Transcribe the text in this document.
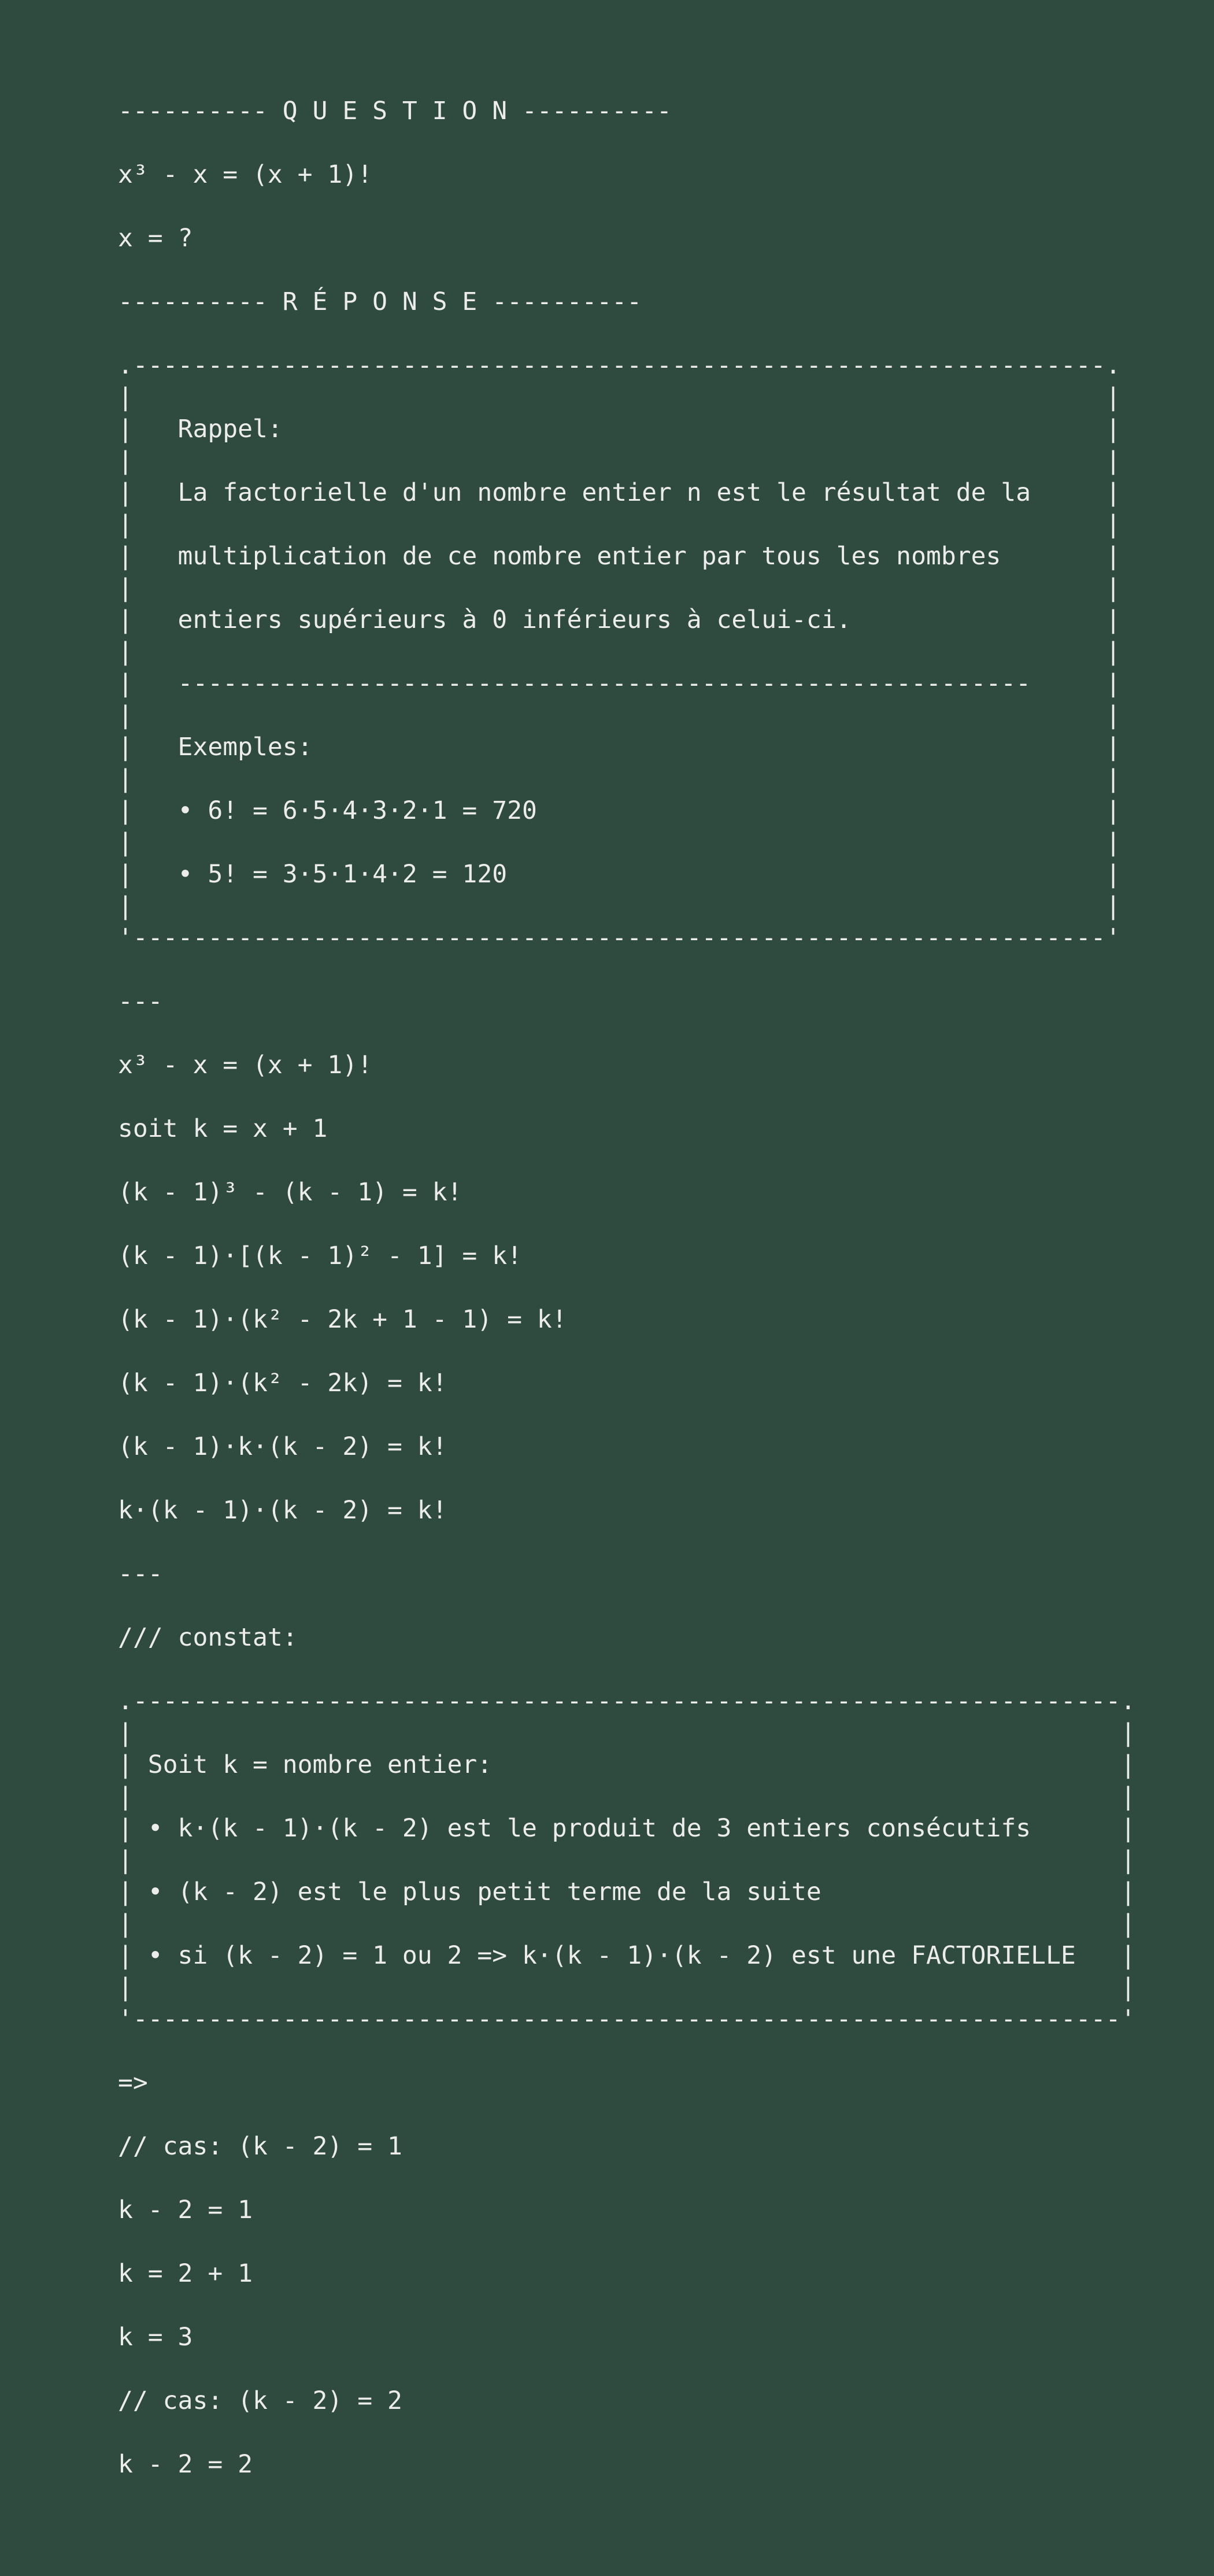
---------- Q U E S T I O N ----------
x³ - x = (x + 1)!
x = ?
---------- R É P O N S E ----------
.-----------------------------------------------------------------.
|                                                                 |
|   Rappel:                                                       |
|                                                                 |
|   La factorielle d'un nombre entier n est le résultat de la     |
|                                                                 |
|   multiplication de ce nombre entier par tous les nombres       |
|                                                                 |
|   entiers supérieurs à 0 inférieurs à celui-ci.                 |
|                                                                 |
|   ---------------------------------------------------------     |
|                                                                 |
|   Exemples:                                                     |
|                                                                 |
|   • 6! = 6·5·4·3·2·1 = 720                                      |
|                                                                 |
|   • 5! = 3·5·1·4·2 = 120                                        |
|                                                                 |
'-----------------------------------------------------------------'
---
x³ - x = (x + 1)!
soit k = x + 1
(k - 1)³ - (k - 1) = k!
(k - 1)·[(k - 1)² - 1] = k!
(k - 1)·(k² - 2k + 1 - 1) = k!
(k - 1)·(k² - 2k) = k!
(k - 1)·k·(k - 2) = k!
k·(k - 1)·(k - 2) = k!
---
/// constat:
.------------------------------------------------------------------.
|                                                                  |
| Soit k = nombre entier:                                          |
|                                                                  |
| • k·(k - 1)·(k - 2) est le produit de 3 entiers consécutifs      |
|                                                                  |
| • (k - 2) est le plus petit terme de la suite                    |
|                                                                  |
| • si (k - 2) = 1 ou 2 => k·(k - 1)·(k - 2) est une FACTORIELLE   |
|                                                                  |
'------------------------------------------------------------------'
=>
// cas: (k - 2) = 1
k - 2 = 1
k = 2 + 1
k = 3
// cas: (k - 2) = 2
k - 2 = 2
